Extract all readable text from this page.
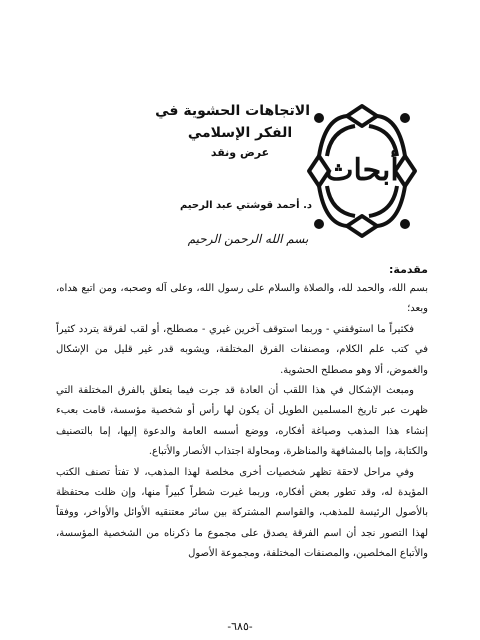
الاتجاهات الحشوية في
الفكر الإسلامي
عرض ونقد
د. أحمد قوشتي عبد الرحيم
أبحاث
بسم الله الرحمن الرحيم
مقدمة:

بسم الله، والحمد لله، والصلاة والسلام على رسول الله، وعلى آله وصحبه، ومن اتبع هداه، وبعد؛

فكثيراً ما استوقفني - وربما استوقف آخرين غيري - مصطلح، أو لقب لفرقة يتردد كثيراً في كتب علم الكلام، ومصنفات الفرق المختلفة، ويشوبه قدر غير قليل من الإشكال والغموض، ألا وهو مصطلح الحشوية.

ومبعث الإشكال في هذا اللقب أن العادة قد جرت فيما يتعلق بالفرق المختلفة التي ظهرت عبر تاريخ المسلمين الطويل أن يكون لها رأس أو شخصية مؤسسة، قامت بعبء إنشاء هذا المذهب وصياغة أفكاره، ووضع أسسه العامة والدعوة إليها، إما بالتصنيف والكتابة، وإما بالمشافهة والمناظرة، ومحاولة اجتذاب الأنصار والأتباع.

وفي مراحل لاحقة تظهر شخصيات أخرى مخلصة لهذا المذهب، لا تفتأ تصنف الكتب المؤيدة له، وقد تطور بعض أفكاره، وربما غيرت شطراً كبيراً منها، وإن ظلت محتفظة بالأصول الرئيسة للمذهب، والقواسم المشتركة بين سائر معتنقيه الأوائل والأواخر، ووفقاً لهذا التصور نجد أن اسم الفرقة يصدق على مجموع ما ذكرناه من الشخصية المؤسسة، والأتباع المخلصين، والمصنفات المختلفة، ومجموعة الأصول

-٦٨٥-
